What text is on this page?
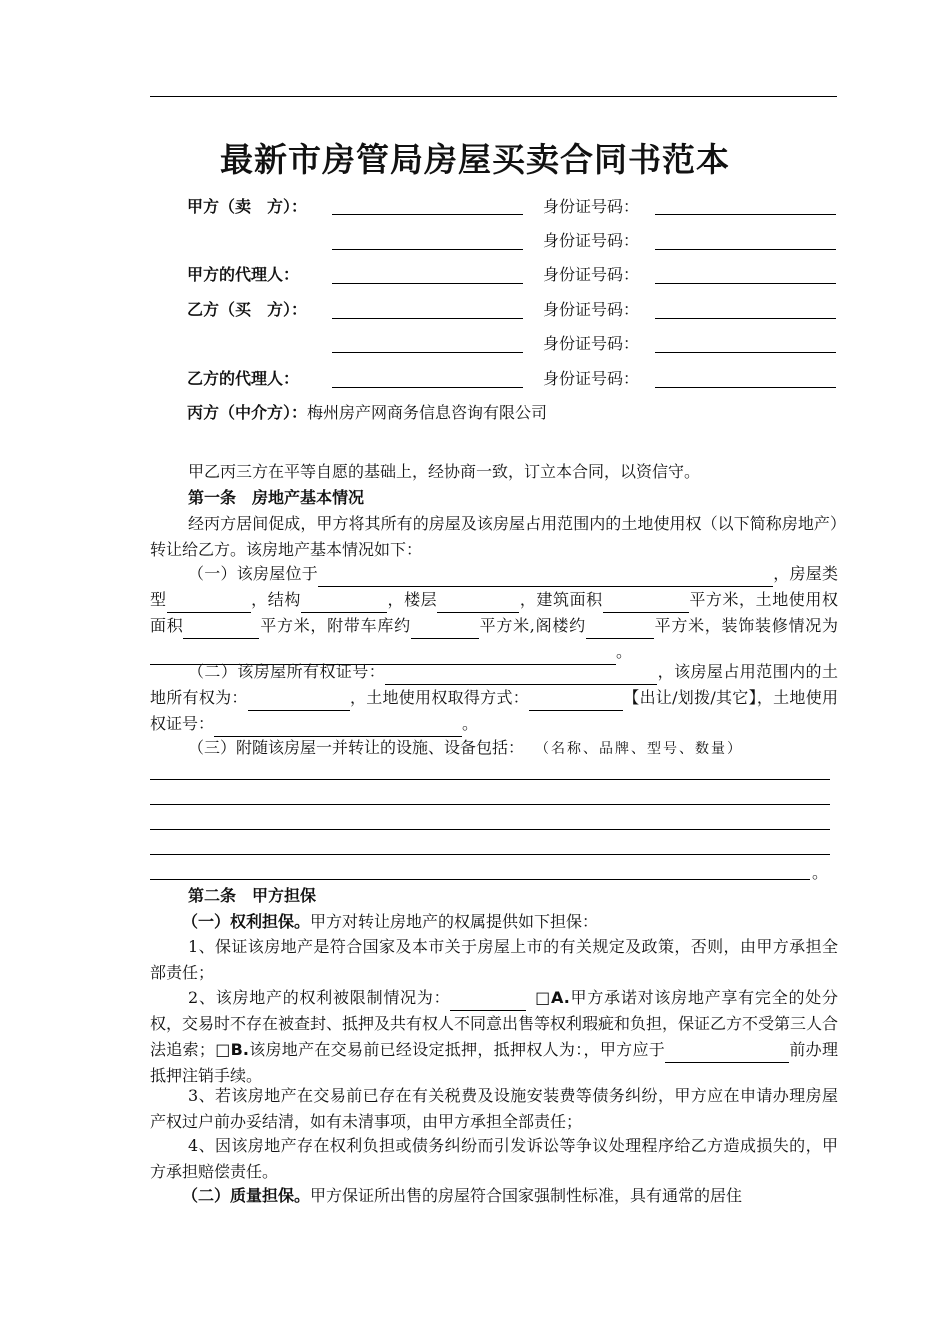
最新市房管局房屋买卖合同书范本
甲方（卖　方）：	身份证号码：
身份证号码：
甲方的代理人：	身份证号码：
乙方（买　方）：	身份证号码：
身份证号码：
乙方的代理人：	身份证号码：
丙方（中介方）：梅州房产网商务信息咨询有限公司
甲乙丙三方在平等自愿的基础上，经协商一致，订立本合同，以资信守。
第一条　房地产基本情况
经丙方居间促成，甲方将其所有的房屋及该房屋占用范围内的土地使用权（以下简称房地产）转让给乙方。该房地产基本情况如下：
（一）该房屋位于	，房屋类型	，结构	，楼层	，建筑面积	平方米，土地使用权面积	平方米，附带车库约	平方米,阁楼约	平方米，装饰装修情况为。
（二）该房屋所有权证号：	，该房屋占用范围内的土地所有权为：	，土地使用权取得方式：	【出让/划拨/其它】，土地使用权证号：	。
（三）附随该房屋一并转让的设施、设备包括： （名称、品牌、型号、数量）
。
第二条　甲方担保
（一）权利担保。甲方对转让房地产的权属提供如下担保：
1、保证该房地产是符合国家及本市关于房屋上市的有关规定及政策，否则，由甲方承担全部责任；
2、该房地产的权利被限制情况为：	□A.甲方承诺对该房地产享有完全的处分权，交易时不存在被查封、抵押及共有权人不同意出售等权利瑕疵和负担，保证乙方不受第三人合法追索；□B.该房地产在交易前已经设定抵押，抵押权人为：，甲方应于	前办理抵押注销手续。
3、若该房地产在交易前已存在有关税费及设施安装费等债务纠纷，甲方应在申请办理房屋产权过户前办妥结清，如有未清事项，由甲方承担全部责任；
4、因该房地产存在权利负担或债务纠纷而引发诉讼等争议处理程序给乙方造成损失的，甲方承担赔偿责任。
（二）质量担保。甲方保证所出售的房屋符合国家强制性标准，具有通常的居住
